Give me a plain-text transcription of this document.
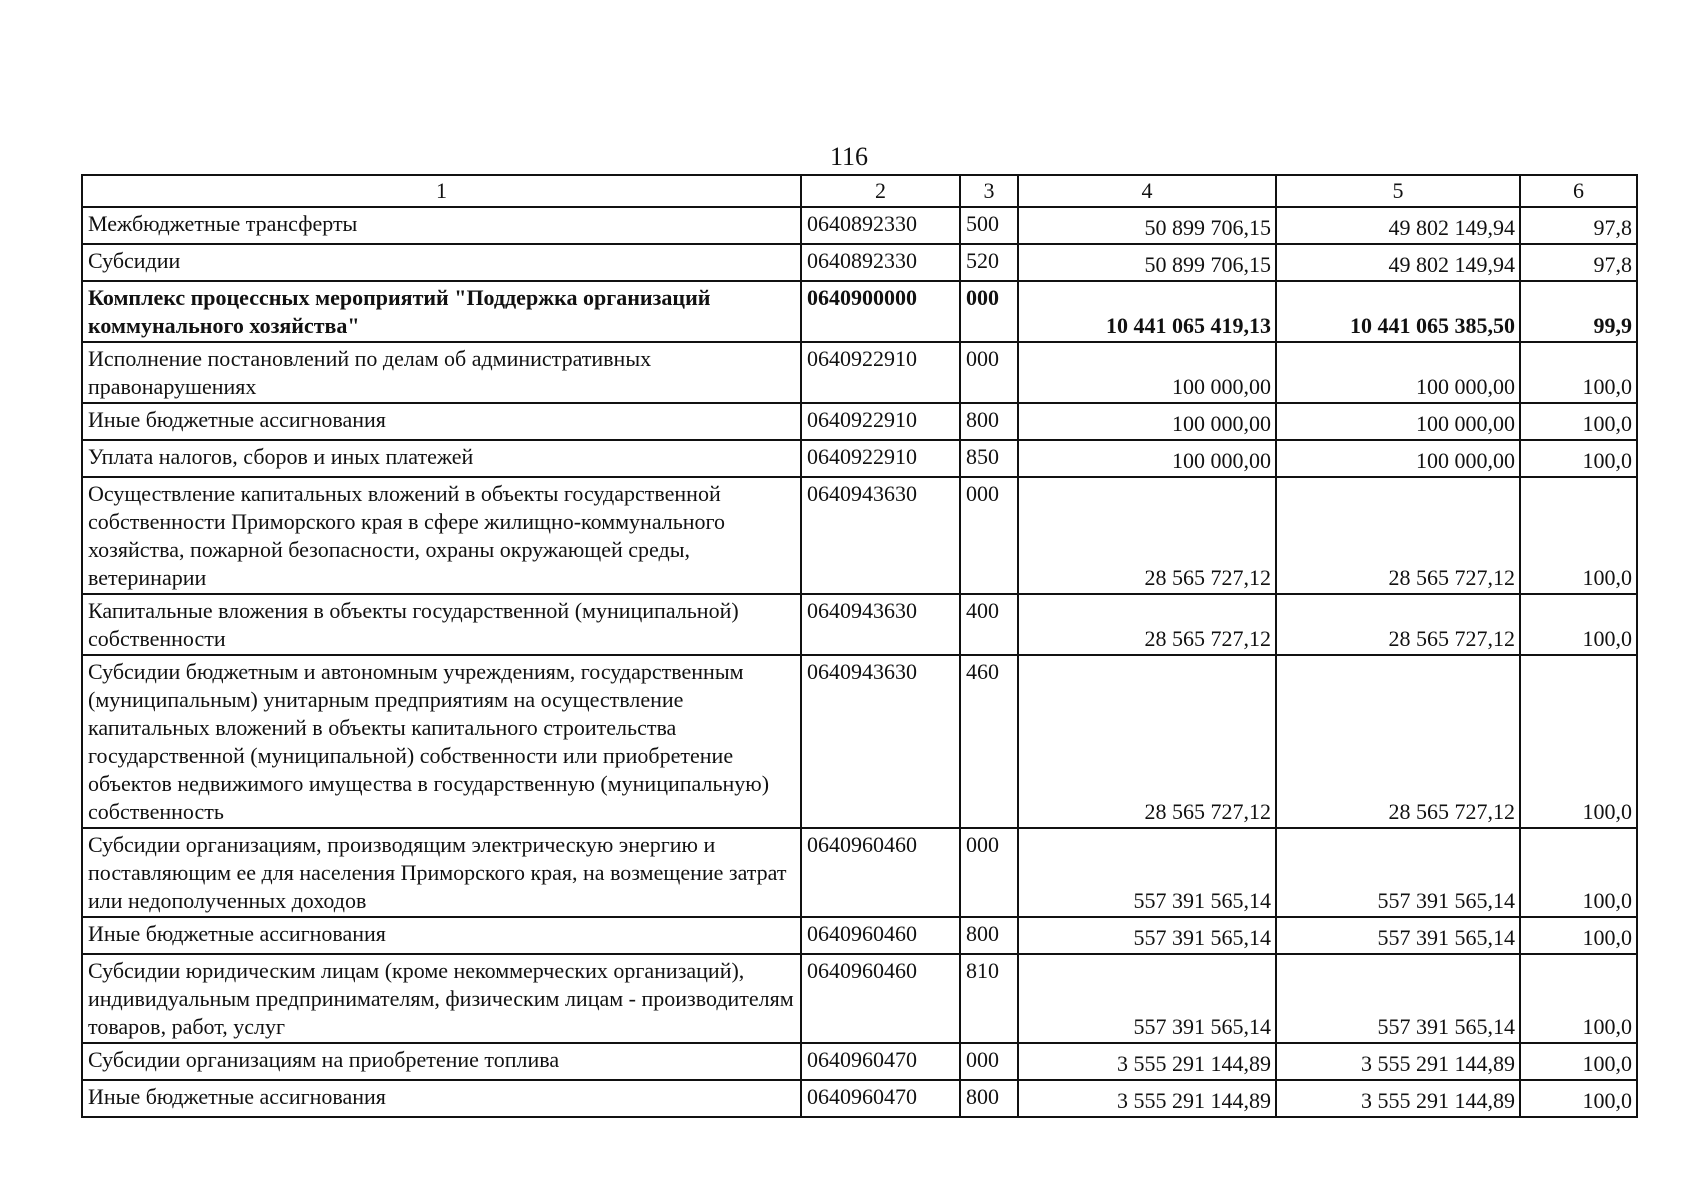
116
1	2	3	4	5	6
Межбюджетные трансферты	0640892330	500	50 899 706,15	49 802 149,94	97,8
Субсидии	0640892330	520	50 899 706,15	49 802 149,94	97,8
Комплекс процессных мероприятий "Поддержка организаций коммунального хозяйства"	0640900000	000	10 441 065 419,13	10 441 065 385,50	99,9
Исполнение постановлений по делам об административных правонарушениях	0640922910	000	100 000,00	100 000,00	100,0
Иные бюджетные ассигнования	0640922910	800	100 000,00	100 000,00	100,0
Уплата налогов, сборов и иных платежей	0640922910	850	100 000,00	100 000,00	100,0
Осуществление капитальных вложений в объекты государственной собственности Приморского края в сфере жилищно-коммунального хозяйства, пожарной безопасности, охраны окружающей среды, ветеринарии	0640943630	000	28 565 727,12	28 565 727,12	100,0
Капитальные вложения в объекты государственной (муниципальной) собственности	0640943630	400	28 565 727,12	28 565 727,12	100,0
Субсидии бюджетным и автономным учреждениям, государственным (муниципальным) унитарным предприятиям на осуществление капитальных вложений в объекты капитального строительства государственной (муниципальной) собственности или приобретение объектов недвижимого имущества в государственную (муниципальную) собственность	0640943630	460	28 565 727,12	28 565 727,12	100,0
Субсидии организациям, производящим электрическую энергию и поставляющим ее для населения Приморского края, на возмещение затрат или недополученных доходов	0640960460	000	557 391 565,14	557 391 565,14	100,0
Иные бюджетные ассигнования	0640960460	800	557 391 565,14	557 391 565,14	100,0
Субсидии юридическим лицам (кроме некоммерческих организаций), индивидуальным предпринимателям, физическим лицам - производителям товаров, работ, услуг	0640960460	810	557 391 565,14	557 391 565,14	100,0
Субсидии организациям на приобретение топлива	0640960470	000	3 555 291 144,89	3 555 291 144,89	100,0
Иные бюджетные ассигнования	0640960470	800	3 555 291 144,89	3 555 291 144,89	100,0
